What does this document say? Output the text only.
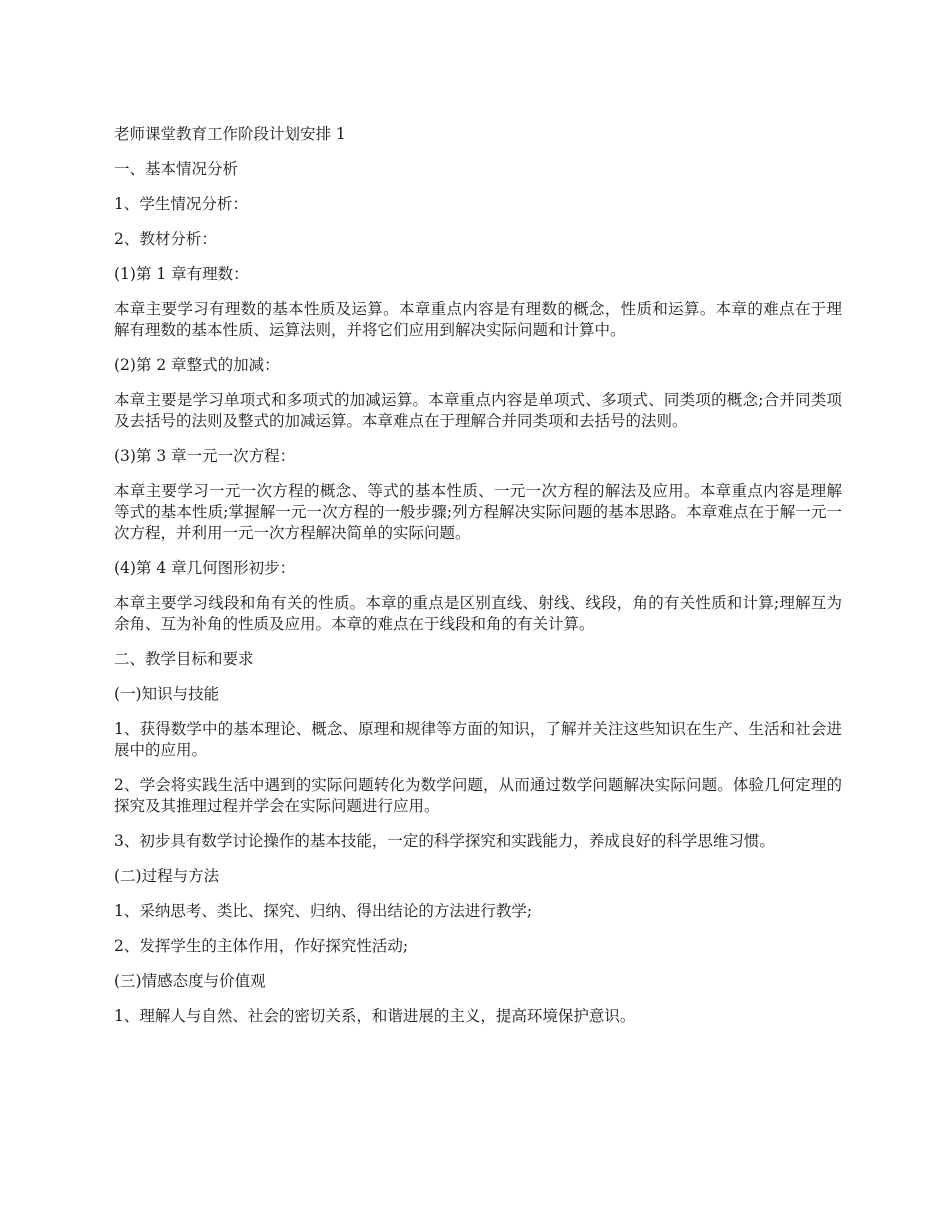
老师课堂教育工作阶段计划安排 1

一、基本情况分析

1、学生情况分析：

2、教材分析：

(1)第 1 章有理数：

本章主要学习有理数的基本性质及运算。本章重点内容是有理数的概念，性质和运算。本章的难点在于理解有理数的基本性质、运算法则，并将它们应用到解决实际问题和计算中。

(2)第 2 章整式的加减：

本章主要是学习单项式和多项式的加减运算。本章重点内容是单项式、多项式、同类项的概念;合并同类项及去括号的法则及整式的加减运算。本章难点在于理解合并同类项和去括号的法则。

(3)第 3 章一元一次方程：

本章主要学习一元一次方程的概念、等式的基本性质、一元一次方程的解法及应用。本章重点内容是理解等式的基本性质;掌握解一元一次方程的一般步骤;列方程解决实际问题的基本思路。本章难点在于解一元一次方程，并利用一元一次方程解决简单的实际问题。

(4)第 4 章几何图形初步：

本章主要学习线段和角有关的性质。本章的重点是区别直线、射线、线段，角的有关性质和计算;理解互为余角、互为补角的性质及应用。本章的难点在于线段和角的有关计算。

二、教学目标和要求

(一)知识与技能

1、获得数学中的基本理论、概念、原理和规律等方面的知识，了解并关注这些知识在生产、生活和社会进展中的应用。

2、学会将实践生活中遇到的实际问题转化为数学问题，从而通过数学问题解决实际问题。体验几何定理的探究及其推理过程并学会在实际问题进行应用。

3、初步具有数学讨论操作的基本技能，一定的科学探究和实践能力，养成良好的科学思维习惯。

(二)过程与方法

1、采纳思考、类比、探究、归纳、得出结论的方法进行教学;

2、发挥学生的主体作用，作好探究性活动;

(三)情感态度与价值观

1、理解人与自然、社会的密切关系，和谐进展的主义，提高环境保护意识。
